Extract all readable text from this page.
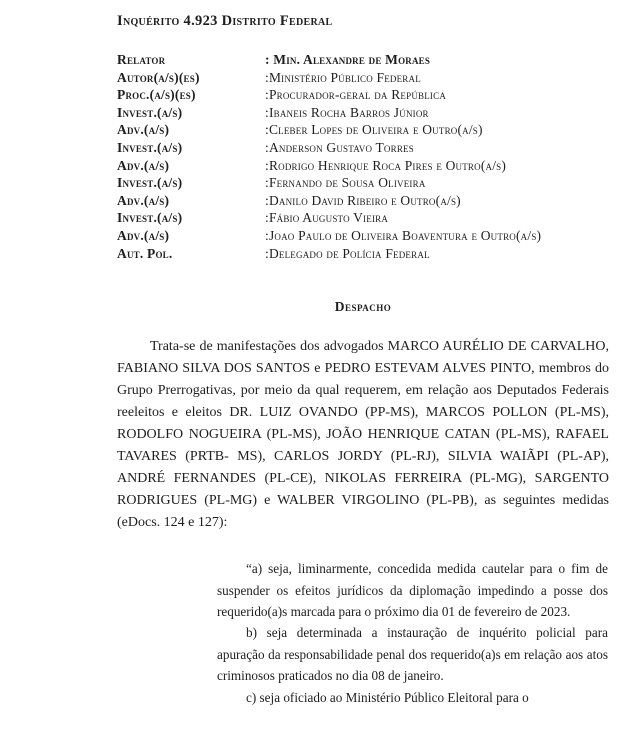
Inquérito 4.923 Distrito Federal
Relator	: Min. Alexandre de Moraes
Autor(a/s)(es)	:Ministério Público Federal
Proc.(a/s)(es)	:Procurador-geral da República
Invest.(a/s)	:Ibaneis Rocha Barros Júnior
Adv.(a/s)	:Cleber Lopes de Oliveira e Outro(a/s)
Invest.(a/s)	:Anderson Gustavo Torres
Adv.(a/s)	:Rodrigo Henrique Roca Pires e Outro(a/s)
Invest.(a/s)	:Fernando de Sousa Oliveira
Adv.(a/s)	:Danilo David Ribeiro e Outro(a/s)
Invest.(a/s)	:Fábio Augusto Vieira
Adv.(a/s)	:Joao Paulo de Oliveira Boaventura e Outro(a/s)
Aut. Pol.	:Delegado de Polícia Federal
Despacho

Trata-se de manifestações dos advogados MARCO AURÉLIO DE CARVALHO, FABIANO SILVA DOS SANTOS e PEDRO ESTEVAM ALVES PINTO, membros do Grupo Prerrogativas, por meio da qual requerem, em relação aos Deputados Federais reeleitos e eleitos DR. LUIZ OVANDO (PP-MS), MARCOS POLLON (PL-MS), RODOLFO NOGUEIRA (PL-MS), JOÃO HENRIQUE CATAN (PL-MS), RAFAEL TAVARES (PRTB- MS), CARLOS JORDY (PL-RJ), SILVIA WAIÃPI (PL-AP), ANDRÉ FERNANDES (PL-CE), NIKOLAS FERREIRA (PL-MG), SARGENTO RODRIGUES (PL-MG) e WALBER VIRGOLINO (PL-PB), as seguintes medidas (eDocs. 124 e 127):

“a) seja, liminarmente, concedida medida cautelar para o fim de suspender os efeitos jurídicos da diplomação impedindo a posse dos requerido(a)s marcada para o próximo dia 01 de fevereiro de 2023.

b) seja determinada a instauração de inquérito policial para apuração da responsabilidade penal dos requerido(a)s em relação aos atos criminosos praticados no dia 08 de janeiro.

c) seja oficiado ao Ministério Público Eleitoral para o
